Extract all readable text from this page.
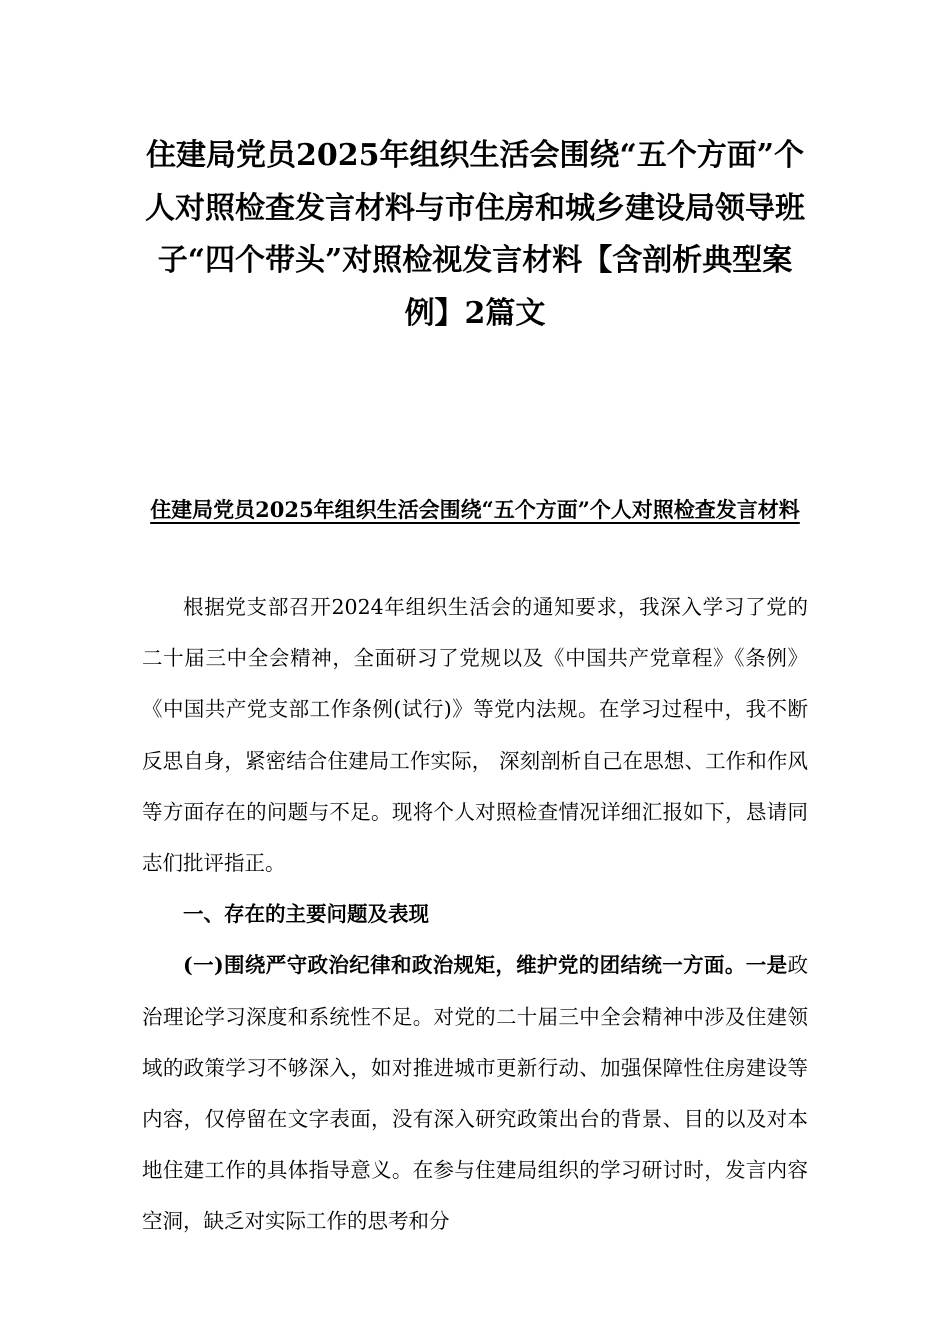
住建局党员2025年组织生活会围绕“五个方面”个人对照检查发言材料与市住房和城乡建设局领导班子“四个带头”对照检视发言材料【含剖析典型案例】2篇文
住建局党员2025年组织生活会围绕“五个方面”个人对照检查发言材料

根据党支部召开2024年组织生活会的通知要求，我深入学习了党的二十届三中全会精神，全面研习了党规以及《中国共产党章程》《条例》《中国共产党支部工作条例(试行)》等党内法规。在学习过程中，我不断反思自身，紧密结合住建局工作实际， 深刻剖析自己在思想、工作和作风等方面存在的问题与不足。现将个人对照检查情况详细汇报如下，恳请同志们批评指正。

一、存在的主要问题及表现

(一)围绕严守政治纪律和政治规矩，维护党的团结统一方面。一是政治理论学习深度和系统性不足。对党的二十届三中全会精神中涉及住建领域的政策学习不够深入，如对推进城市更新行动、加强保障性住房建设等内容，仅停留在文字表面，没有深入研究政策出台的背景、目的以及对本地住建工作的具体指导意义。在参与住建局组织的学习研讨时，发言内容空洞，缺乏对实际工作的思考和分
